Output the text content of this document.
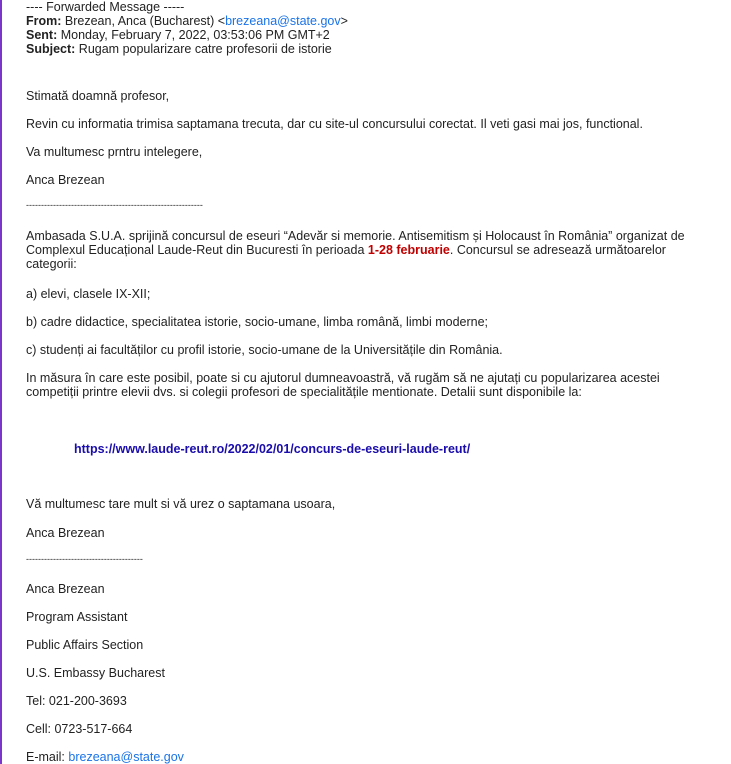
---- Forwarded Message -----
From: Brezean, Anca (Bucharest) <brezeana@state.gov>
Sent: Monday, February 7, 2022, 03:53:06 PM GMT+2
Subject: Rugam popularizare catre profesorii de istorie
Stimată doamnă profesor,
Revin cu informatia trimisa saptamana trecuta, dar cu site-ul concursului corectat. Il veti gasi mai jos, functional.
Va multumesc prntru intelegere,
Anca Brezean
-----------------------------------------------------------
Ambasada S.U.A. sprijină concursul de eseuri “Adevăr si memorie. Antisemitism și Holocaust în România” organizat de Complexul Educațional Laude-Reut din Bucuresti în perioada 1-28 februarie. Concursul se adresează următoarelor categorii:
a) elevi, clasele IX-XII;
b) cadre didactice, specialitatea istorie, socio-umane, limba română, limbi moderne;
c) studenți ai facultăților cu profil istorie, socio-umane de la Universitățile din România.
In măsura în care este posibil, poate si cu ajutorul dumneavoastră, vă rugăm să ne ajutați cu popularizarea acestei competiții printre elevii dvs. si colegii profesori de specialitățile mentionate. Detalii sunt disponibile la:
https://www.laude-reut.ro/2022/02/01/concurs-de-eseuri-laude-reut/
Vă multumesc tare mult si vă urez o saptamana usoara,
Anca Brezean
---------------------------------------
Anca Brezean
Program Assistant
Public Affairs Section
U.S. Embassy Bucharest
Tel: 021-200-3693
Cell: 0723-517-664
E-mail: brezeana@state.gov
